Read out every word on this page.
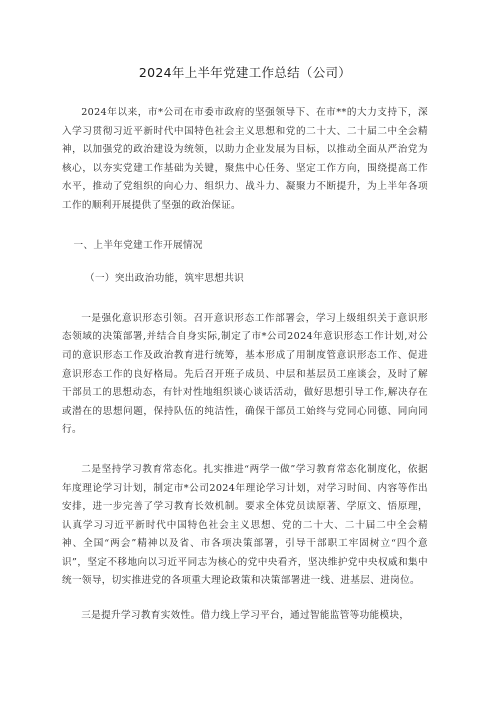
2024年上半年党建工作总结（公司）

2024年以来，市*公司在市委市政府的坚强领导下、在市**的大力支持下，深入学习贯彻习近平新时代中国特色社会主义思想和党的二十大、二十届二中全会精神，以加强党的政治建设为统领，以助力企业发展为目标，以推动全面从严治党为核心，以夯实党建工作基础为关键，聚焦中心任务、坚定工作方向，围绕提高工作水平，推动了党组织的向心力、组织力、战斗力、凝聚力不断提升，为上半年各项工作的顺利开展提供了坚强的政治保证。

一、上半年党建工作开展情况

（一）突出政治功能，筑牢思想共识

一是强化意识形态引领。召开意识形态工作部署会，学习上级组织关于意识形态领域的决策部署,并结合自身实际,制定了市*公司2024年意识形态工作计划,对公司的意识形态工作及政治教育进行统筹，基本形成了用制度管意识形态工作、促进意识形态工作的良好格局。先后召开班子成员、中层和基层员工座谈会，及时了解干部员工的思想动态，有针对性地组织谈心谈话活动，做好思想引导工作,解决存在或潜在的思想问题，保持队伍的纯洁性，确保干部员工始终与党同心同德、同向同行。

二是坚持学习教育常态化。扎实推进“两学一做”学习教育常态化制度化，依据年度理论学习计划，制定市*公司2024年理论学习计划，对学习时间、内容等作出安排，进一步完善了学习教育长效机制。要求全体党员读原著、学原文、悟原理，认真学习习近平新时代中国特色社会主义思想、党的二十大、二十届二中全会精神、全国“两会”精神以及省、市各项决策部署，引导干部职工牢固树立“四个意识”，坚定不移地向以习近平同志为核心的党中央看齐，坚决维护党中央权威和集中统一领导，切实推进党的各项重大理论政策和决策部署进一线、进基层、进岗位。

三是提升学习教育实效性。借力线上学习平台，通过智能监管等功能模块，
